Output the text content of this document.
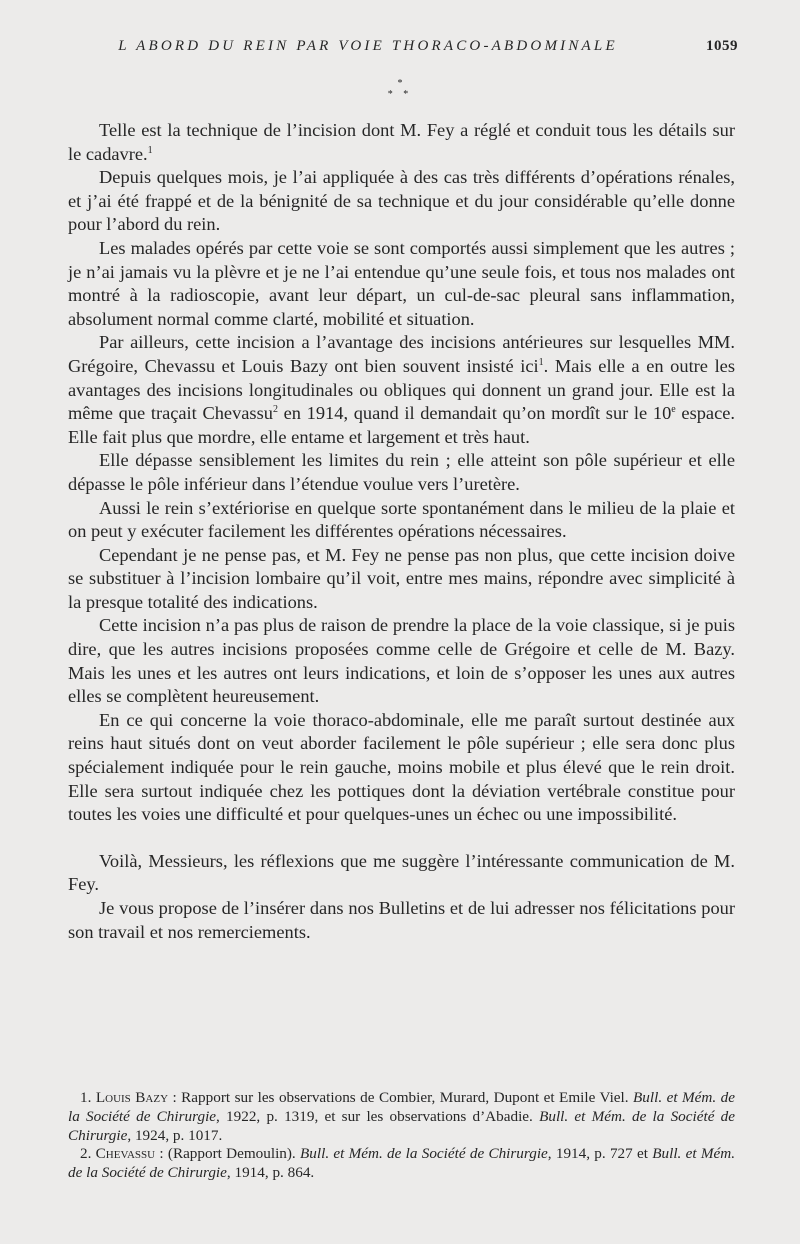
L ABORD DU REIN PAR VOIE THORACO-ABDOMINALE	1059
*
* *

Telle est la technique de l’incision dont M. Fey a réglé et conduit tous les détails sur le cadavre.$^1$

Depuis quelques mois, je l’ai appliquée à des cas très différents d’opérations rénales, et j’ai été frappé et de la bénignité de sa technique et du jour considérable qu’elle donne pour l’abord du rein.

Les malades opérés par cette voie se sont comportés aussi simplement que les autres ; je n’ai jamais vu la plèvre et je ne l’ai entendue qu’une seule fois, et tous nos malades ont montré à la radioscopie, avant leur départ, un cul-de-sac pleural sans inflammation, absolument normal comme clarté, mobilité et situation.

Par ailleurs, cette incision a l’avantage des incisions antérieures sur lesquelles MM. Grégoire, Chevassu et Louis Bazy ont bien souvent insisté ici$^1$. Mais elle a en outre les avantages des incisions longitudinales ou obliques qui donnent un grand jour. Elle est la même que traçait Chevassu$^2$ en 1914, quand il demandait qu’on mordît sur le 10e espace. Elle fait plus que mordre, elle entame et largement et très haut.

Elle dépasse sensiblement les limites du rein ; elle atteint son pôle supérieur et elle dépasse le pôle inférieur dans l’étendue voulue vers l’uretère.

Aussi le rein s’extériorise en quelque sorte spontanément dans le milieu de la plaie et on peut y exécuter facilement les différentes opérations nécessaires.

Cependant je ne pense pas, et M. Fey ne pense pas non plus, que cette incision doive se substituer à l’incision lombaire qu’il voit, entre mes mains, répondre avec simplicité à la presque totalité des indications.

Cette incision n’a pas plus de raison de prendre la place de la voie classique, si je puis dire, que les autres incisions proposées comme celle de Grégoire et celle de M. Bazy. Mais les unes et les autres ont leurs indications, et loin de s’opposer les unes aux autres elles se complètent heureusement.

En ce qui concerne la voie thoraco-abdominale, elle me paraît surtout destinée aux reins haut situés dont on veut aborder facilement le pôle supérieur ; elle sera donc plus spécialement indiquée pour le rein gauche, moins mobile et plus élevé que le rein droit. Elle sera surtout indiquée chez les pottiques dont la déviation vertébrale constitue pour toutes les voies une difficulté et pour quelques-unes un échec ou une impossibilité.

Voilà, Messieurs, les réflexions que me suggère l’intéressante communication de M. Fey.

Je vous propose de l’insérer dans nos Bulletins et de lui adresser nos félicitations pour son travail et nos remerciements.

1. Louis Bazy : Rapport sur les observations de Combier, Murard, Dupont et Emile Viel. Bull. et Mém. de la Société de Chirurgie, 1922, p. 1319, et sur les observations d’Abadie. Bull. et Mém. de la Société de Chirurgie, 1924, p. 1017.

2. Chevassu : (Rapport Demoulin). Bull. et Mém. de la Société de Chirurgie, 1914, p. 727 et Bull. et Mém. de la Société de Chirurgie, 1914, p. 864.
